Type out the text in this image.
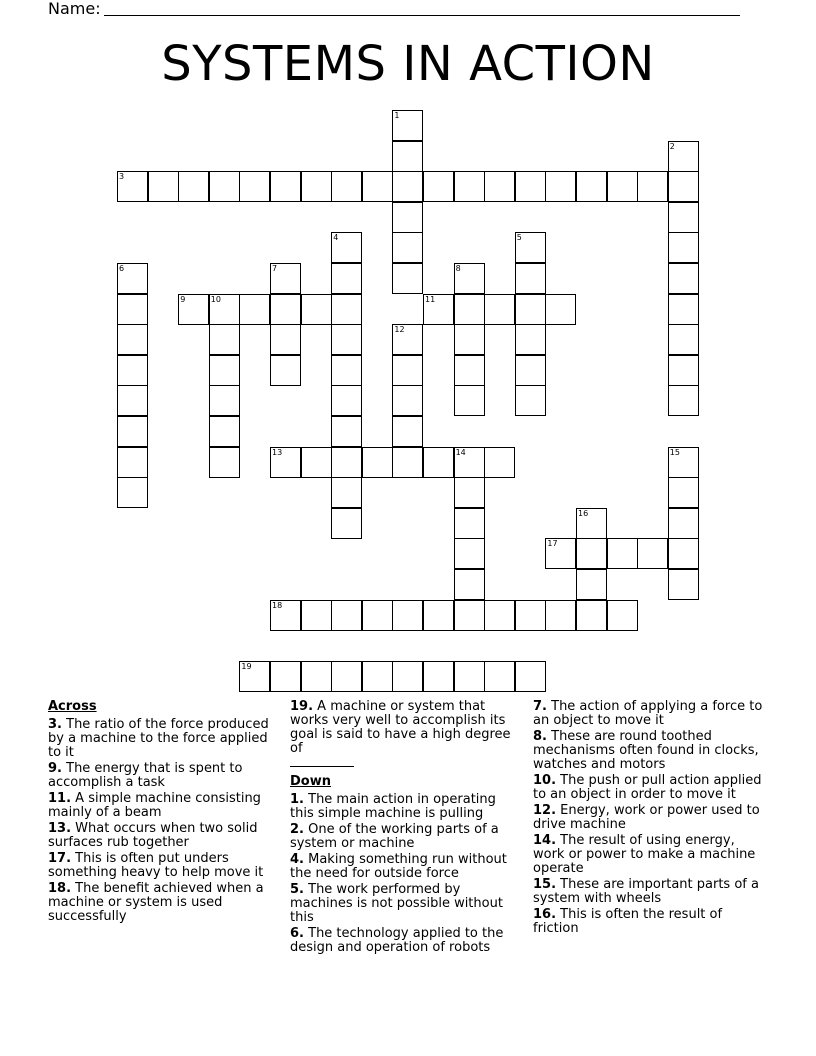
Name:
SYSTEMS IN ACTION
1
2
3
4	5
6	7	8
9	10	11
12
13	14	15
16
17
18
19
Across
3. The ratio of the force produced by a machine to the force applied to it
9. The energy that is spent to accomplish a task
11. A simple machine consisting mainly of a beam
13. What occurs when two solid surfaces rub together
17. This is often put unders something heavy to help move it
18. The benefit achieved when a machine or system is used successfully
19. A machine or system that works very well to accomplish its goal is said to have a high degree of

Down
1. The main action in operating this simple machine is pulling
2. One of the working parts of a system or machine
4. Making something run without the need for outside force
5. The work performed by machines is not possible without this
6. The technology applied to the design and operation of robots
7. The action of applying a force to an object to move it
8. These are round toothed mechanisms often found in clocks, watches and motors
10. The push or pull action applied to an object in order to move it
12. Energy, work or power used to drive machine
14. The result of using energy, work or power to make a machine operate
15. These are important parts of a system with wheels
16. This is often the result of friction
